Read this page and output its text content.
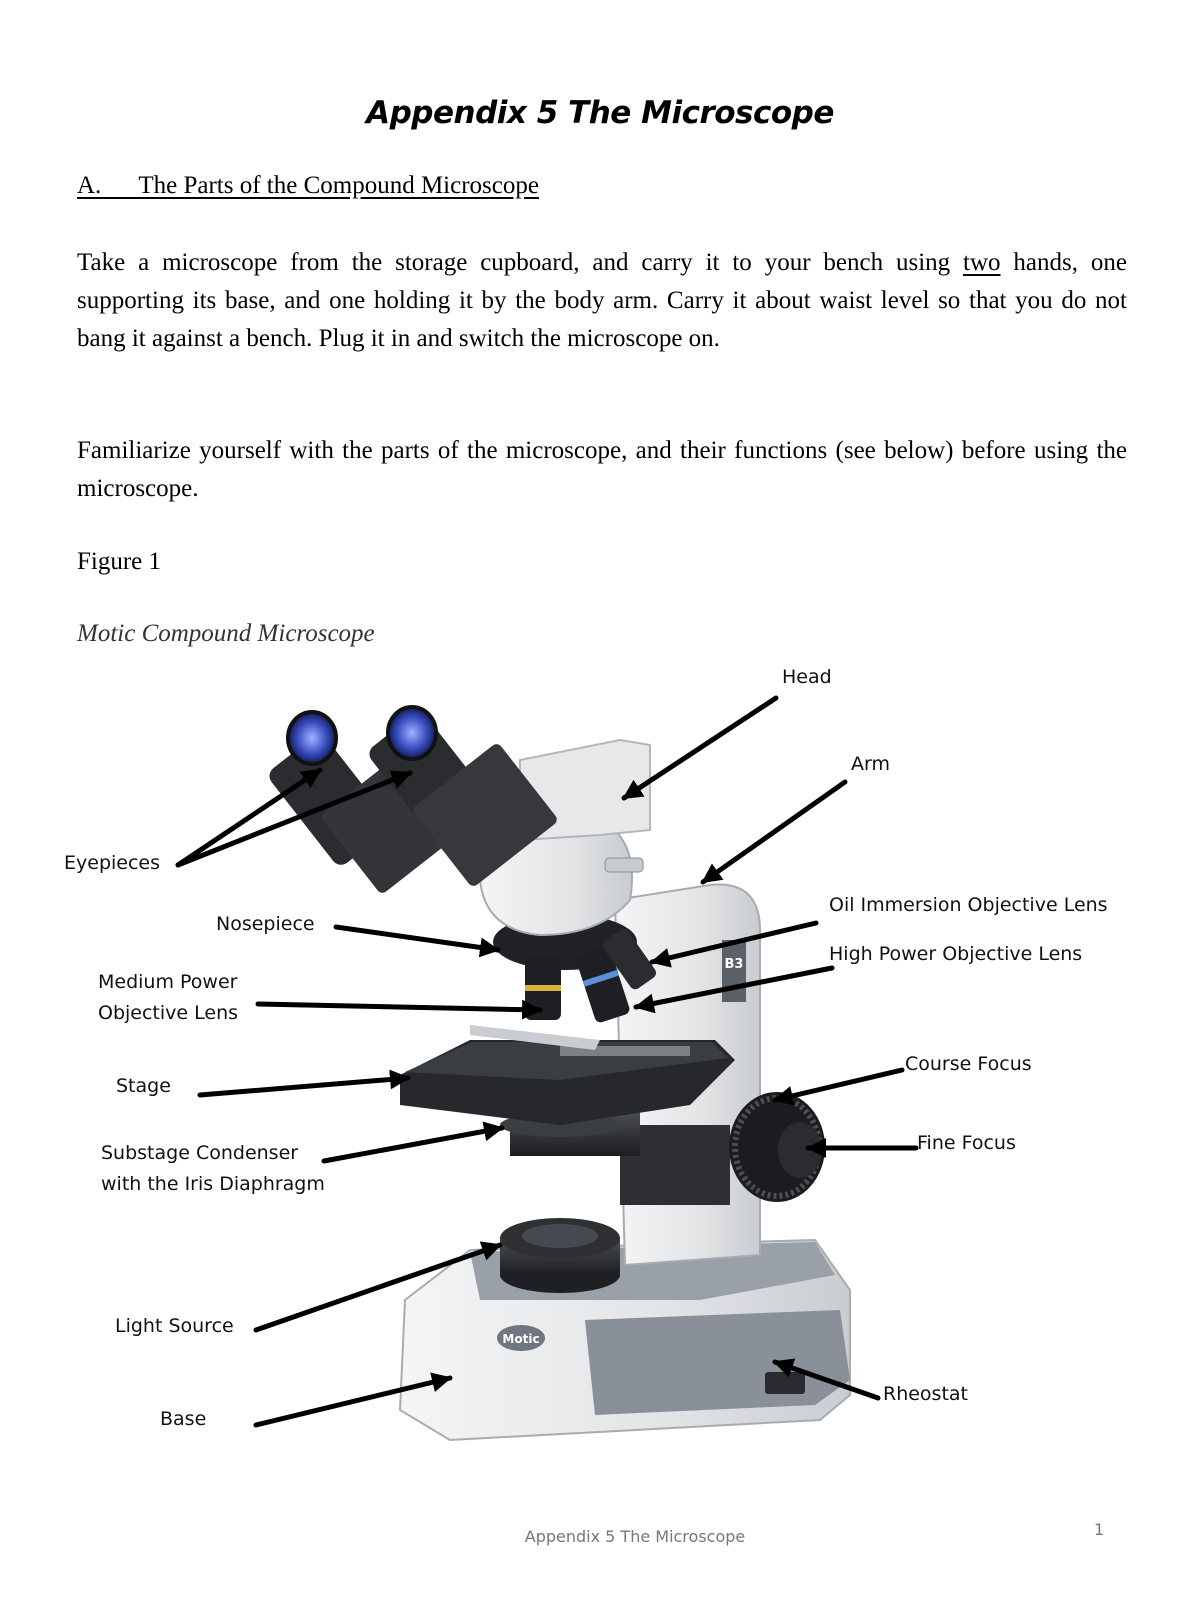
Appendix 5 The Microscope
A.      The Parts of the Compound Microscope

Take a microscope from the storage cupboard, and carry it to your bench using two hands, one supporting its base, and one holding it by the body arm. Carry it about waist level so that you do not bang it against a bench. Plug it in and switch the microscope on.

Familiarize yourself with the parts of the microscope, and their functions (see below) before using the microscope.

Figure 1

Motic Compound Microscope

Motic
B3
Head
Arm
Eyepieces
Nosepiece
Oil Immersion Objective Lens
High Power Objective Lens
Medium Power
Objective Lens
Stage
Course Focus
Fine Focus
Substage Condenser
with the Iris Diaphragm
Light Source
Base
Rheostat
Appendix 5 The Microscope	1
